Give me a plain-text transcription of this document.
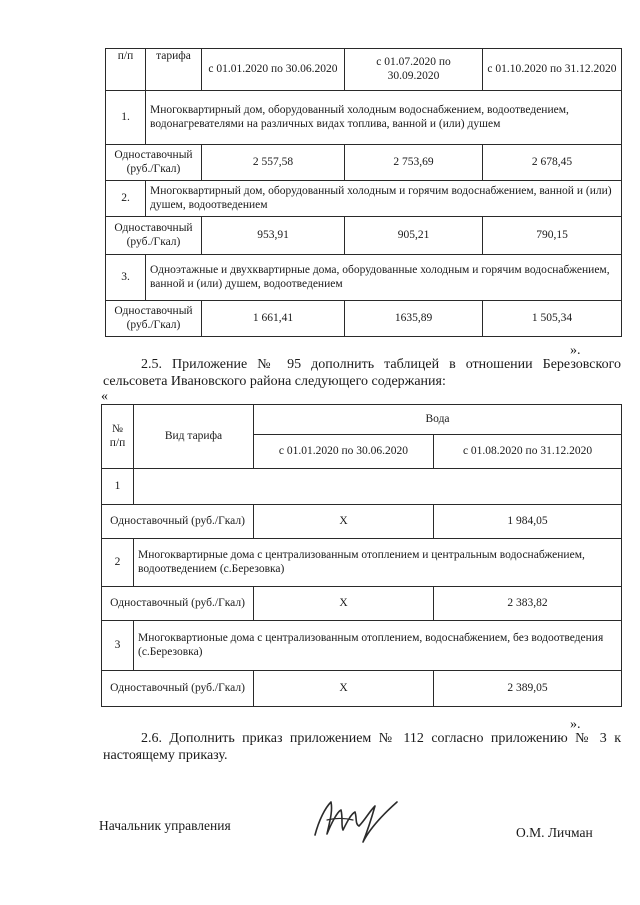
п/п	тарифа	с 01.01.2020 по 30.06.2020	с 01.07.2020 по 30.09.2020	с 01.10.2020 по 31.12.2020
1.	Многоквартирный дом, оборудованный холодным водоснабжением, водоотведением, водонагревателями на различных видах топлива, ванной и (или) душем			
Одноставочный (руб./Гкал)		2 557,58	2 753,69	2 678,45
2.	Многоквартирный дом, оборудованный холодным и горячим водоснабжением, ванной и (или) душем, водоотведением			
Одноставочный (руб./Гкал)		953,91	905,21	790,15
3.	Одноэтажные и двухквартирные дома, оборудованные холодным и горячим водоснабжением, ванной и (или) душем, водоотведением			
Одноставочный (руб./Гкал)		1 661,41	1635,89	1 505,34
».
2.5. Приложение № 95 дополнить таблицей в отношении Березовского сельсовета Ивановского района следующего содержания:
«
№ п/п	Вид тарифа	Вода	
		с 01.01.2020 по 30.06.2020	с 01.08.2020 по 31.12.2020
1			
Одноставочный (руб./Гкал)		Х	1 984,05
2	Многоквартирные дома с централизованным отоплением и центральным водоснабжением, водоотведением (с.Березовка)		
Одноставочный (руб./Гкал)		Х	2 383,82
3	Многоквартионые дома с централизованным отоплением, водоснабжением, без водоотведения (с.Березовка)		
Одноставочный (руб./Гкал)		Х	2 389,05
».
2.6. Дополнить приказ приложением № 112 согласно приложению № 3 к настоящему приказу.
Начальник управления	О.М. Личман
